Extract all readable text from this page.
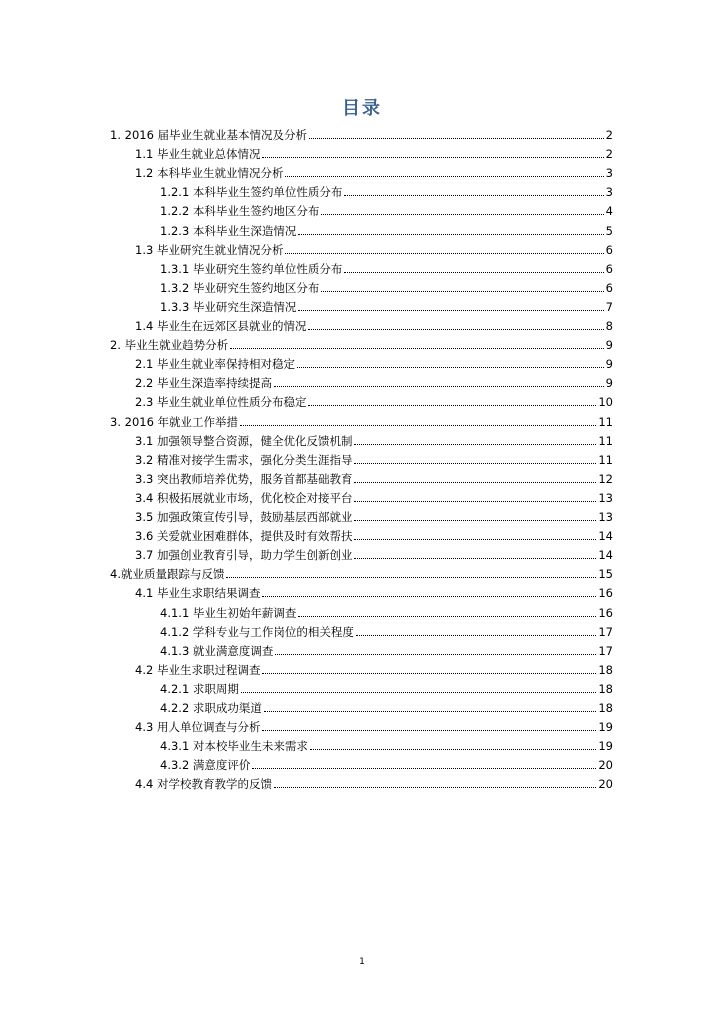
目录
1. 2016 届毕业生就业基本情况及分析	2
1.1 毕业生就业总体情况	2
1.2 本科毕业生就业情况分析	3
1.2.1 本科毕业生签约单位性质分布	3
1.2.2 本科毕业生签约地区分布	4
1.2.3 本科毕业生深造情况	5
1.3 毕业研究生就业情况分析	6
1.3.1 毕业研究生签约单位性质分布	6
1.3.2 毕业研究生签约地区分布	6
1.3.3 毕业研究生深造情况	7
1.4 毕业生在远郊区县就业的情况	8
2. 毕业生就业趋势分析	9
2.1 毕业生就业率保持相对稳定	9
2.2 毕业生深造率持续提高	9
2.3 毕业生就业单位性质分布稳定	10
3. 2016 年就业工作举措	11
3.1 加强领导整合资源，健全优化反馈机制	11
3.2 精准对接学生需求，强化分类生涯指导	11
3.3 突出教师培养优势，服务首都基础教育	12
3.4 积极拓展就业市场，优化校企对接平台	13
3.5 加强政策宣传引导，鼓励基层西部就业	13
3.6 关爱就业困难群体，提供及时有效帮扶	14
3.7 加强创业教育引导，助力学生创新创业	14
4.就业质量跟踪与反馈	15
4.1 毕业生求职结果调查	16
4.1.1 毕业生初始年薪调查	16
4.1.2 学科专业与工作岗位的相关程度	17
4.1.3 就业满意度调查	17
4.2 毕业生求职过程调查	18
4.2.1 求职周期	18
4.2.2 求职成功渠道	18
4.3 用人单位调查与分析	19
4.3.1 对本校毕业生未来需求	19
4.3.2 满意度评价	20
4.4 对学校教育教学的反馈	20
1
